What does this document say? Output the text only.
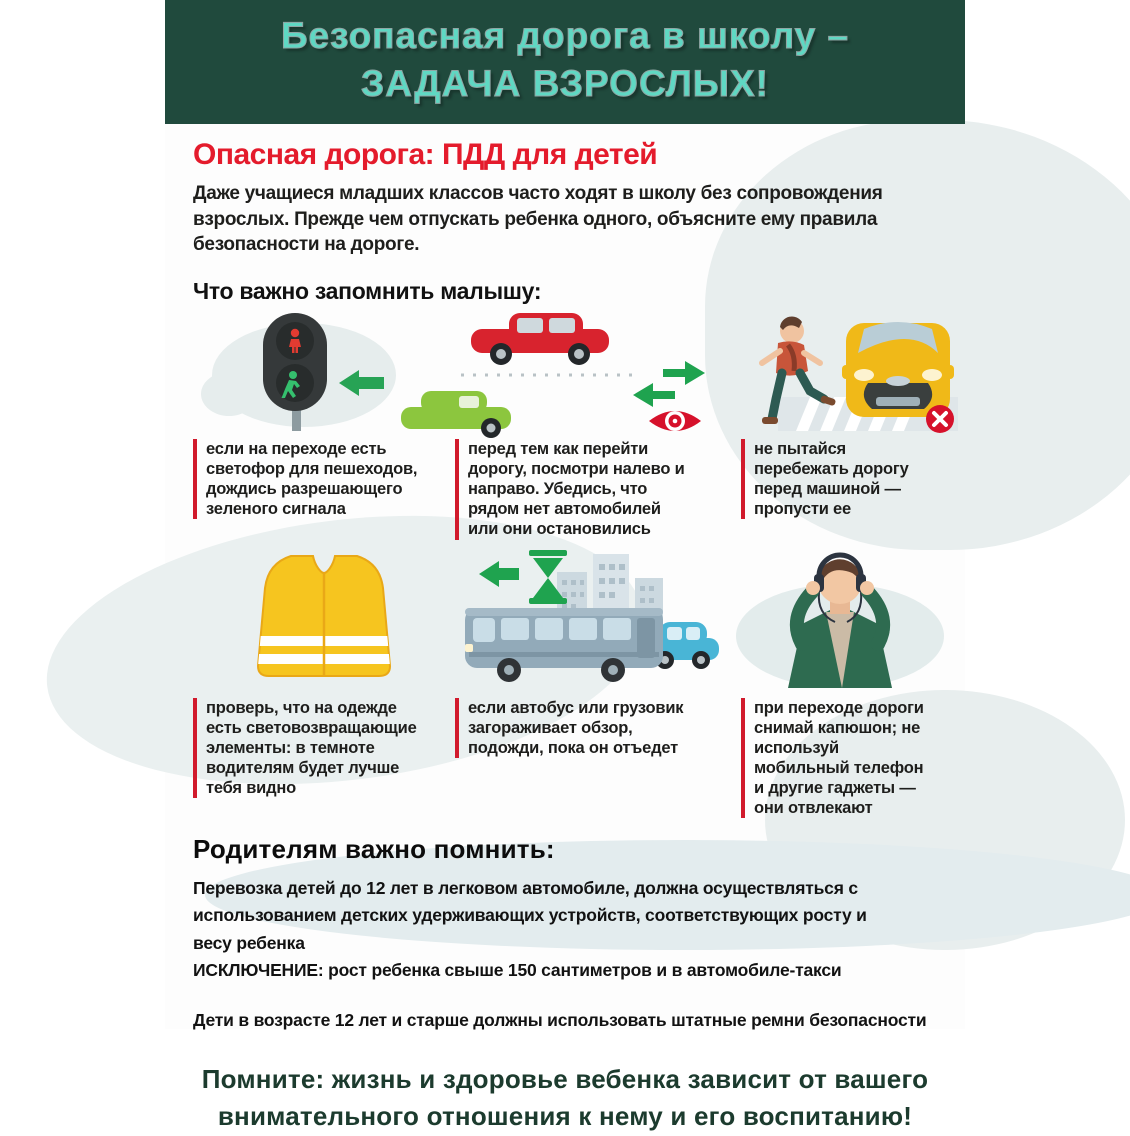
Безопасная дорога в школу –
ЗАДАЧА ВЗРОСЛЫХ!
Опасная дорога: ПДД для детей
Даже учащиеся младших классов часто ходят в школу без сопровождения взрослых. Прежде чем отпускать ребенка одного, объясните ему правила безопасности на дороге.
Что важно запомнить малышу:
если на переходе есть светофор для пешеходов, дождись разрешающего зеленого сигнала
перед тем как перейти дорогу, посмотри налево и направо. Убедись, что рядом нет автомобилей или они остановились
не пытайся перебежать дорогу перед машиной — пропусти ее
проверь, что на одежде есть световозвращающие элементы: в темноте водителям будет лучше тебя видно
если автобус или грузовик загораживает обзор, подожди, пока он отъедет
при переходе дороги снимай капюшон; не используй мобильный телефон и другие гаджеты — они отвлекают
Родителям важно помнить:
Перевозка детей до 12 лет в легковом автомобиле, должна осуществляться с использованием детских удерживающих устройств, соответствующих росту и весу ребенка
ИСКЛЮЧЕНИЕ: рост ребенка свыше 150 сантиметров и в автомобиле-такси
Дети в возрасте 12 лет и старше должны использовать штатные ремни безопасности
Помните: жизнь и здоровье вебенка зависит от вашего внимательного отношения к нему и его воспитанию!
